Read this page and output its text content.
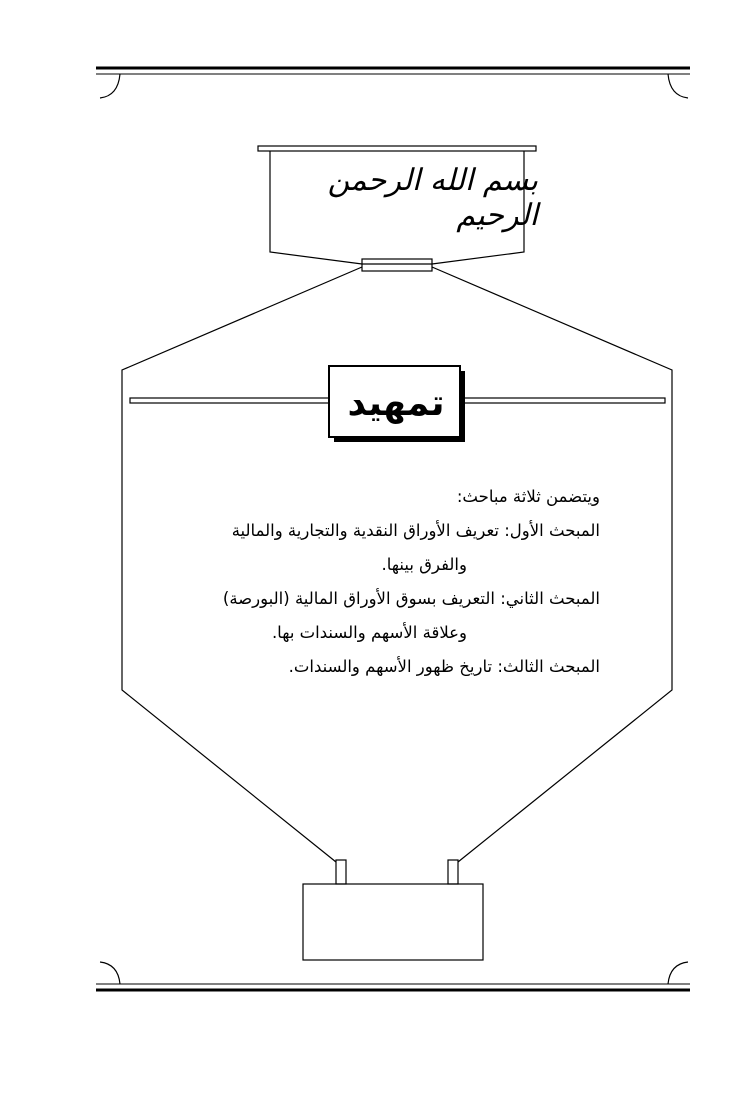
بسم الله الرحمن الرحيم
تمهيد

ويتضمن ثلاثة مباحث:

المبحث الأول: تعريف الأوراق النقدية والتجارية والمالية
والفرق بينها.

المبحث الثاني: التعريف بسوق الأوراق المالية (البورصة)
وعلاقة الأسهم والسندات بها.

المبحث الثالث: تاريخ ظهور الأسهم والسندات.
